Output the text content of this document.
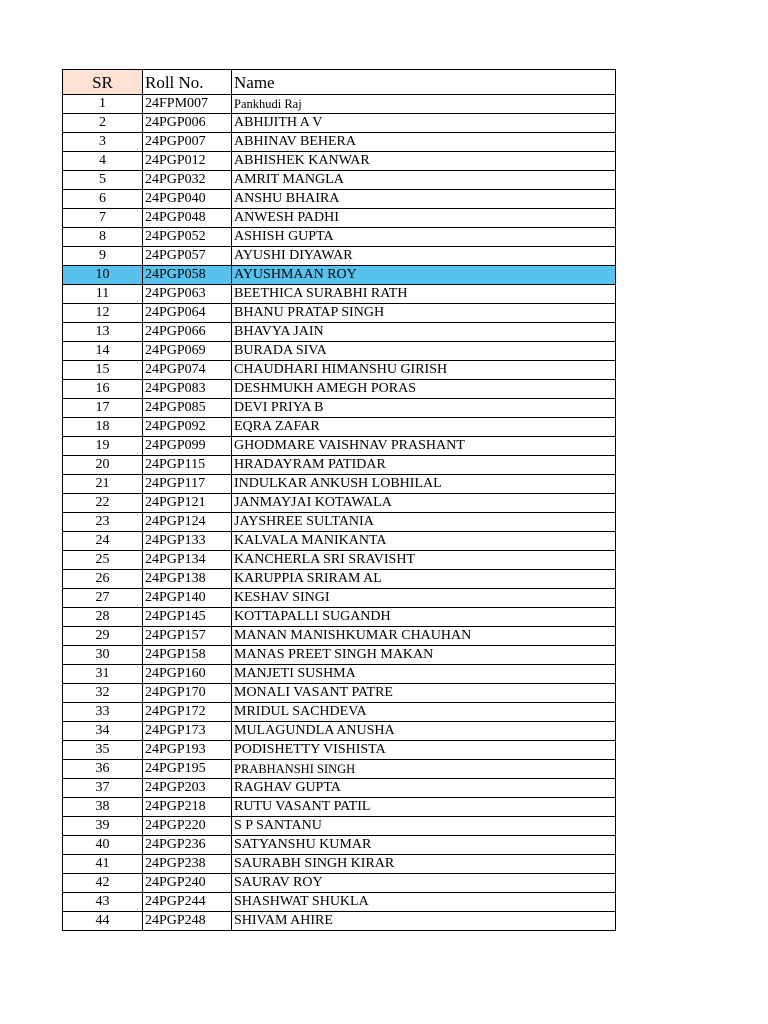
SR	Roll No.	Name
1	24FPM007	Pankhudi Raj
2	24PGP006	ABHIJITH A V
3	24PGP007	ABHINAV BEHERA
4	24PGP012	ABHISHEK KANWAR
5	24PGP032	AMRIT MANGLA
6	24PGP040	ANSHU BHAIRA
7	24PGP048	ANWESH PADHI
8	24PGP052	ASHISH GUPTA
9	24PGP057	AYUSHI DIYAWAR
10	24PGP058	AYUSHMAAN ROY
11	24PGP063	BEETHICA SURABHI RATH
12	24PGP064	BHANU PRATAP SINGH
13	24PGP066	BHAVYA JAIN
14	24PGP069	BURADA SIVA
15	24PGP074	CHAUDHARI HIMANSHU GIRISH
16	24PGP083	DESHMUKH AMEGH PORAS
17	24PGP085	DEVI PRIYA B
18	24PGP092	EQRA ZAFAR
19	24PGP099	GHODMARE VAISHNAV PRASHANT
20	24PGP115	HRADAYRAM PATIDAR
21	24PGP117	INDULKAR ANKUSH LOBHILAL
22	24PGP121	JANMAYJAI KOTAWALA
23	24PGP124	JAYSHREE SULTANIA
24	24PGP133	KALVALA MANIKANTA
25	24PGP134	KANCHERLA SRI SRAVISHT
26	24PGP138	KARUPPIA SRIRAM AL
27	24PGP140	KESHAV SINGI
28	24PGP145	KOTTAPALLI SUGANDH
29	24PGP157	MANAN MANISHKUMAR CHAUHAN
30	24PGP158	MANAS PREET SINGH MAKAN
31	24PGP160	MANJETI SUSHMA
32	24PGP170	MONALI VASANT PATRE
33	24PGP172	MRIDUL SACHDEVA
34	24PGP173	MULAGUNDLA ANUSHA
35	24PGP193	PODISHETTY VISHISTA
36	24PGP195	PRABHANSHI SINGH
37	24PGP203	RAGHAV GUPTA
38	24PGP218	RUTU VASANT PATIL
39	24PGP220	S P SANTANU
40	24PGP236	SATYANSHU KUMAR
41	24PGP238	SAURABH SINGH KIRAR
42	24PGP240	SAURAV ROY
43	24PGP244	SHASHWAT SHUKLA
44	24PGP248	SHIVAM AHIRE
